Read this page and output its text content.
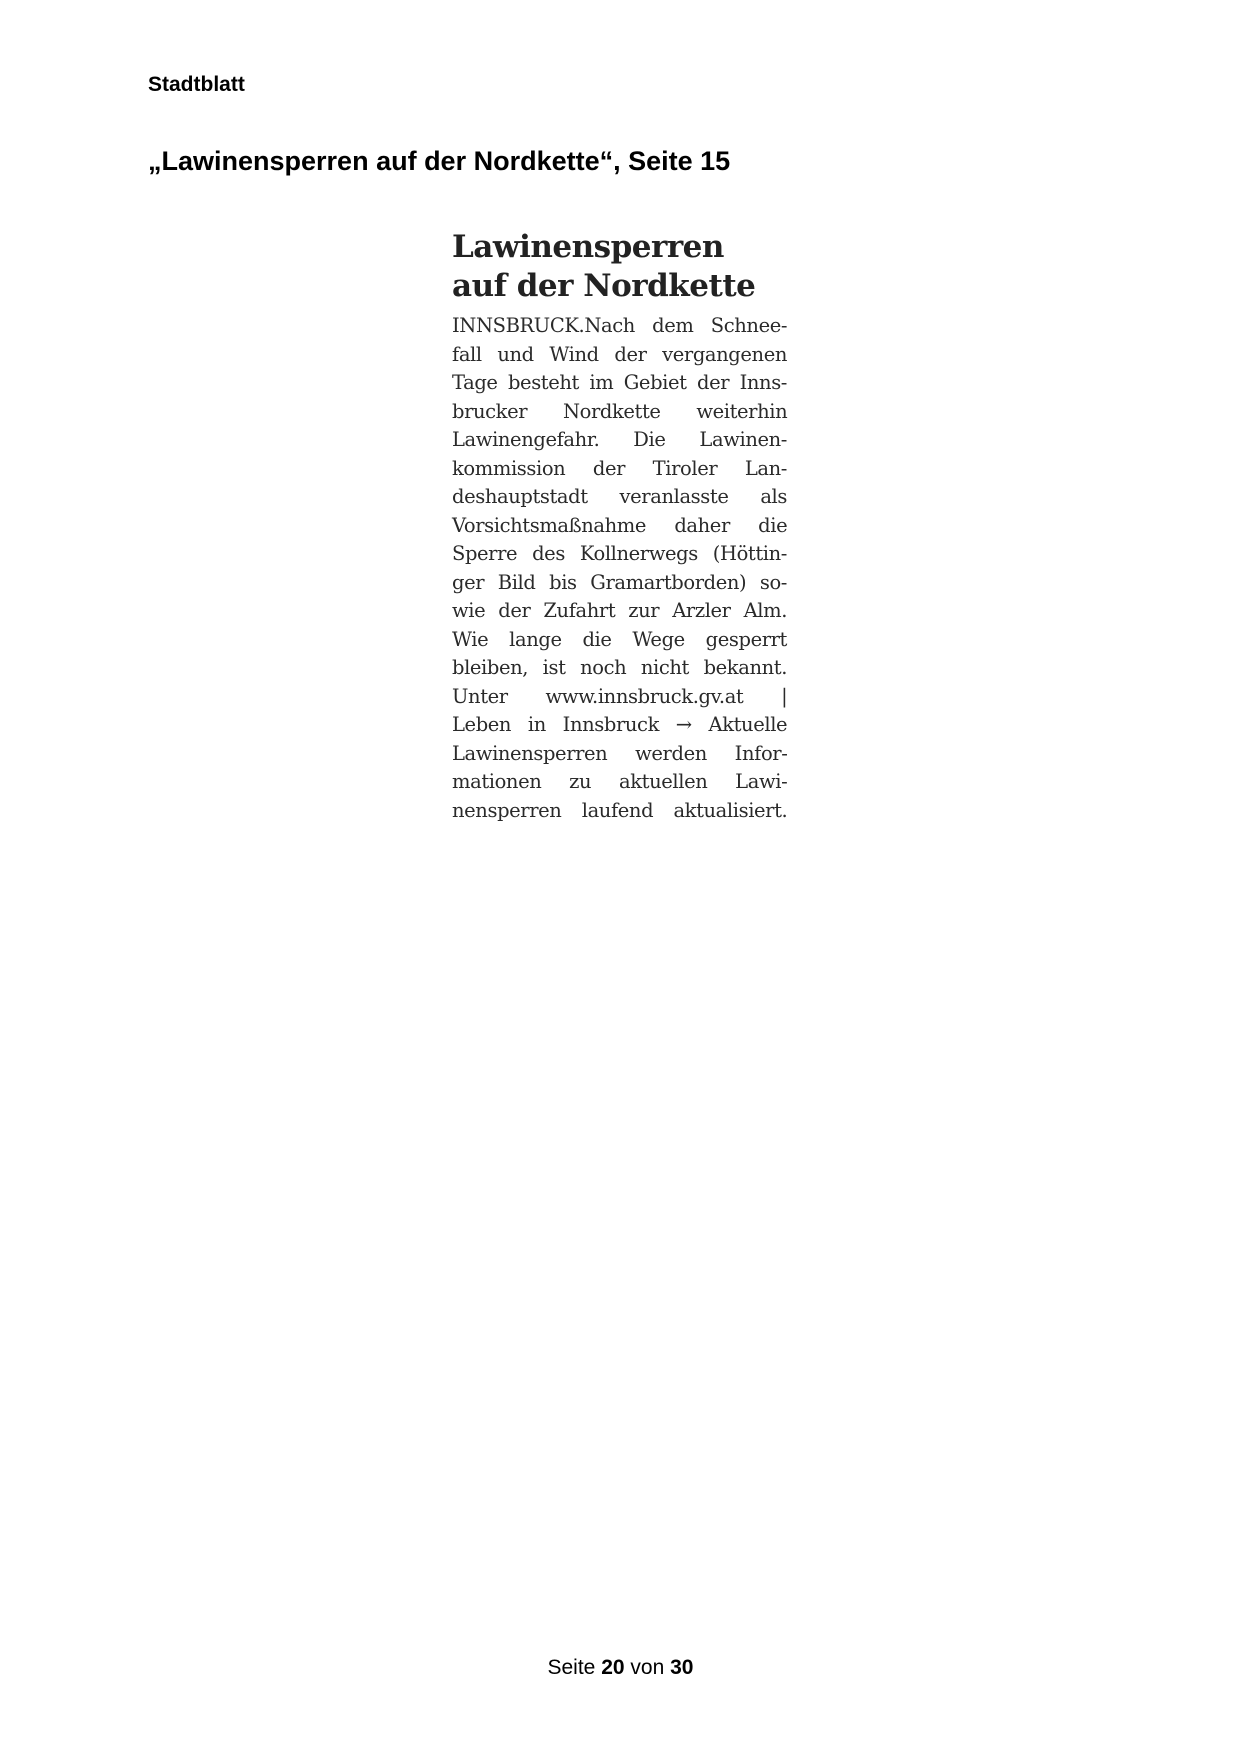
Stadtblatt
„Lawinensperren auf der Nordkette“, Seite 15
Lawinensperren
auf der Nordkette
INNSBRUCK.Nach dem Schnee-
fall und Wind der vergangenen
Tage besteht im Gebiet der Inns-
brucker Nordkette weiterhin
Lawinengefahr. Die Lawinen-
kommission der Tiroler Lan-
deshauptstadt veranlasste als
Vorsichtsmaßnahme daher die
Sperre des Kollnerwegs (Höttin-
ger Bild bis Gramartborden) so-
wie der Zufahrt zur Arzler Alm.
Wie lange die Wege gesperrt
bleiben, ist noch nicht bekannt.
Unter www.innsbruck.gv.at |
Leben in Innsbruck → Aktuelle
Lawinensperren werden Infor-
mationen zu aktuellen Lawi-
nensperren laufend aktualisiert.
Seite 20 von 30
